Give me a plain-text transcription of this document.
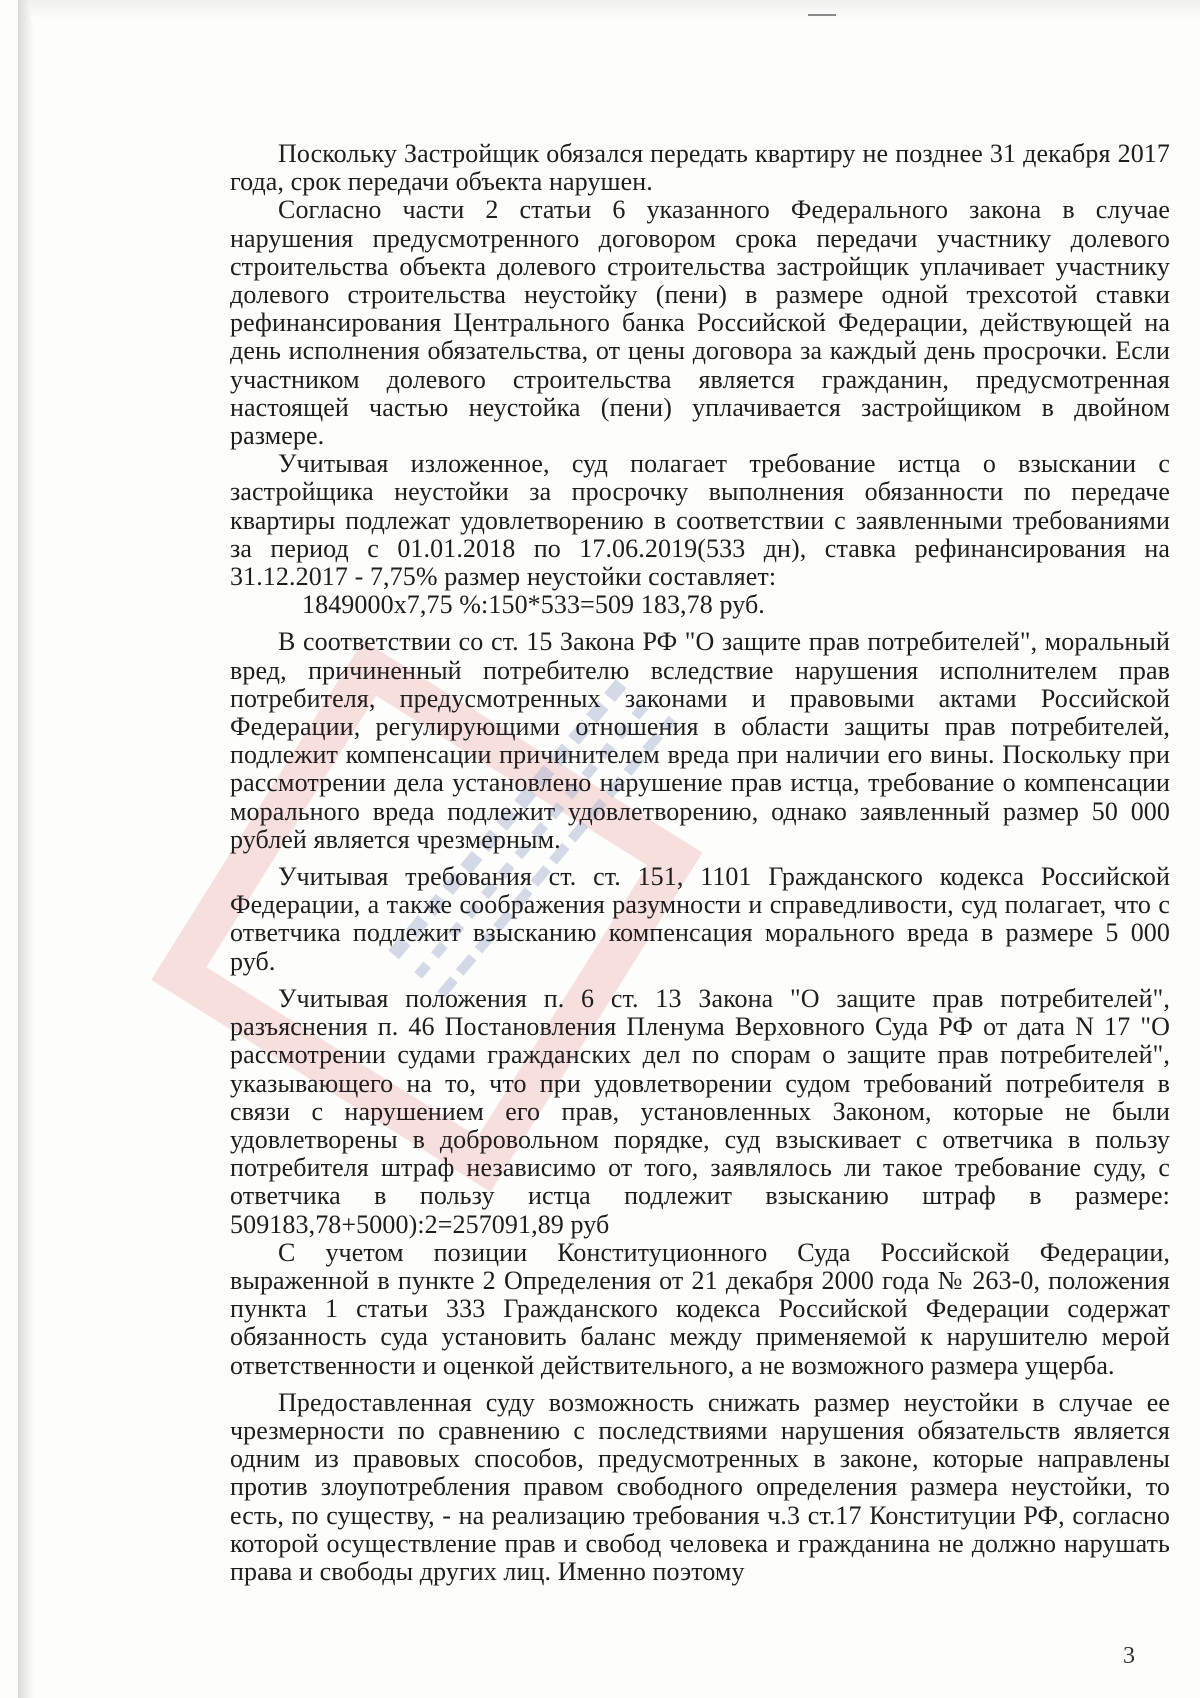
Поскольку Застройщик обязался передать квартиру не позднее 31 декабря 2017 года, срок передачи объекта нарушен.

Согласно части 2 статьи 6 указанного Федерального закона в случае нарушения предусмотренного договором срока передачи участнику долевого строительства объекта долевого строительства застройщик уплачивает участнику долевого строительства неустойку (пени) в размере одной трехсотой ставки рефинансирования Центрального банка Российской Федерации, действующей на день исполнения обязательства, от цены договора за каждый день просрочки. Если участником долевого строительства является гражданин, предусмотренная настоящей частью неустойка (пени) уплачивается застройщиком в двойном размере.

Учитывая изложенное, суд полагает требование истца о взыскании с застройщика неустойки за просрочку выполнения обязанности по передаче квартиры подлежат удовлетворению в соответствии с заявленными требованиями за период с 01.01.2018 по 17.06.2019(533 дн), ставка рефинансирования на 31.12.2017 - 7,75% размер неустойки составляет:

1849000х7,75 %:150*533=509 183,78 руб.

В соответствии со ст. 15 Закона РФ "О защите прав потребителей", моральный вред, причиненный потребителю вследствие нарушения исполнителем прав потребителя, предусмотренных законами и правовыми актами Российской Федерации, регулирующими отношения в области защиты прав потребителей, подлежит компенсации причинителем вреда при наличии его вины. Поскольку при рассмотрении дела установлено нарушение прав истца, требование о компенсации морального вреда подлежит удовлетворению, однако заявленный размер 50 000 рублей является чрезмерным.

Учитывая требования ст. ст. 151, 1101 Гражданского кодекса Российской Федерации, а также соображения разумности и справедливости, суд полагает, что с ответчика подлежит взысканию компенсация морального вреда в размере 5 000 руб.

Учитывая положения п. 6 ст. 13 Закона "О защите прав потребителей", разъяснения п. 46 Постановления Пленума Верховного Суда РФ от дата N 17 "О рассмотрении судами гражданских дел по спорам о защите прав потребителей", указывающего на то, что при удовлетворении судом требований потребителя в связи с нарушением его прав, установленных Законом, которые не были удовлетворены в добровольном порядке, суд взыскивает с ответчика в пользу потребителя штраф независимо от того, заявлялось ли такое требование суду, с ответчика в пользу истца подлежит взысканию штраф в размере: 509183,78+5000):2=257091,89 руб

С учетом позиции Конституционного Суда Российской Федерации, выраженной в пункте 2 Определения от 21 декабря 2000 года № 263-0, положения пункта 1 статьи 333 Гражданского кодекса Российской Федерации содержат обязанность суда установить баланс между применяемой к нарушителю мерой ответственности и оценкой действительного, а не возможного размера ущерба.

Предоставленная суду возможность снижать размер неустойки в случае ее чрезмерности по сравнению с последствиями нарушения обязательств является одним из правовых способов, предусмотренных в законе, которые направлены против злоупотребления правом свободного определения размера неустойки, то есть, по существу, - на реализацию требования ч.3 ст.17 Конституции РФ, согласно которой осуществление прав и свобод человека и гражданина не должно нарушать права и свободы других лиц. Именно поэтому

3
